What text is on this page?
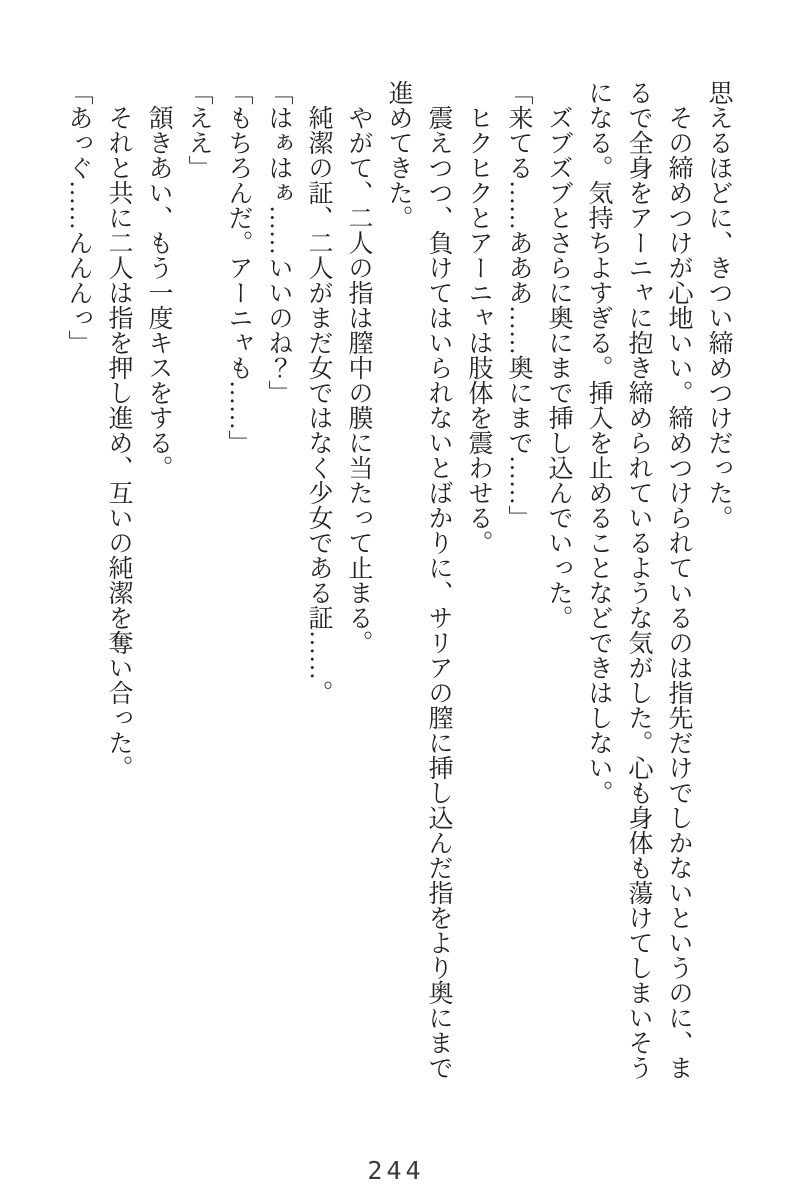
思えるほどに、きつい締めつけだった。

その締めつけが心地いい。締めつけられているのは指先だけでしかないというのに、まるで全身をアーニャに抱き締められているような気がした。心も身体も蕩けてしまいそうになる。気持ちよすぎる。挿入を止めることなどできはしない。

ズブズブとさらに奥にまで挿し込んでいった。

「来てる……あああ……奥にまで……」

ヒクヒクとアーニャは肢体を震わせる。

震えつつ、負けてはいられないとばかりに、サリアの膣に挿し込んだ指をより奥にまで進めてきた。

やがて、二人の指は膣中の膜に当たって止まる。

純潔の証、二人がまだ女ではなく少女である証……。

「はぁはぁ……いいのね？」

「もちろんだ。アーニャも……」

「ええ」

頷きあい、もう一度キスをする。

それと共に二人は指を押し進め、互いの純潔を奪い合った。

「あっぐ……んんんっ」

244
